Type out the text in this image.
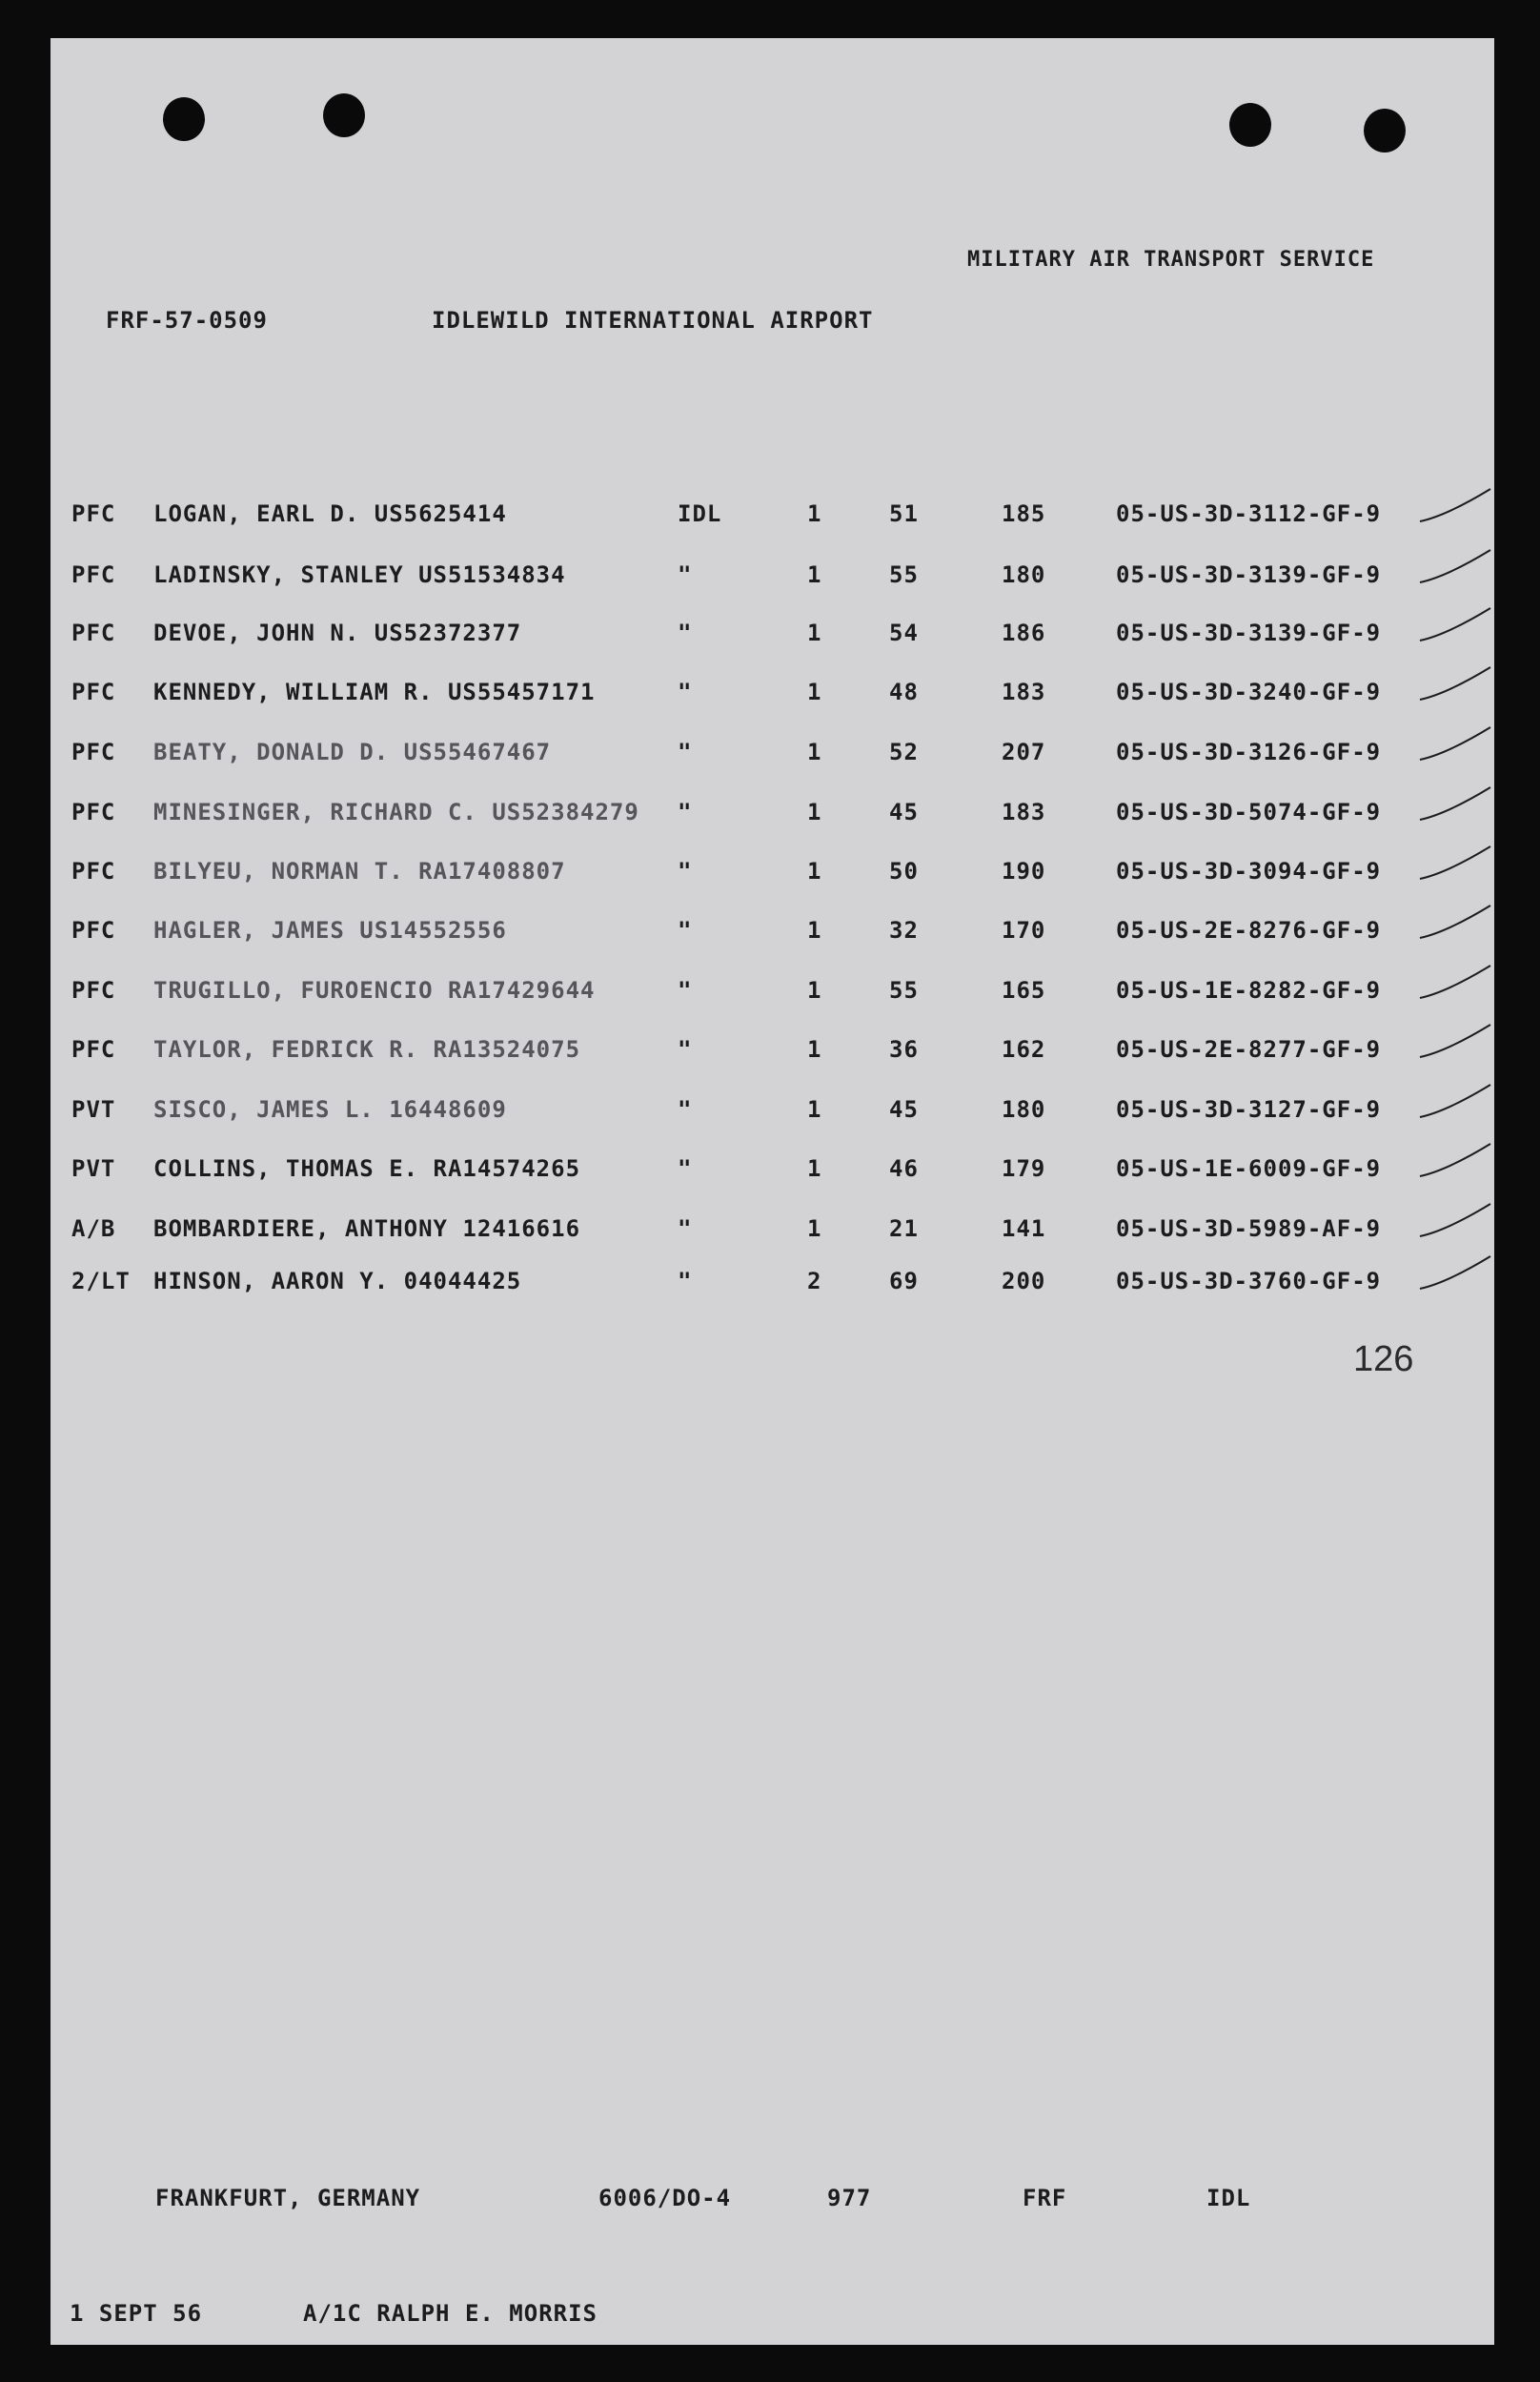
MILITARY AIR TRANSPORT SERVICE
FRF-57-0509	IDLEWILD INTERNATIONAL AIRPORT
PFC LOGAN, EARL D. US5625414	IDL	1	51	185	05-US-3D-3112-GF-9
PFC LADINSKY, STANLEY US51534834	"	1	55	180	05-US-3D-3139-GF-9
PFC DEVOE, JOHN N. US52372377	"	1	54	186	05-US-3D-3139-GF-9
PFC KENNEDY, WILLIAM R. US55457171	"	1	48	183	05-US-3D-3240-GF-9
PFC BEATY, DONALD D. US55467467	"	1	52	207	05-US-3D-3126-GF-9
PFC MINESINGER, RICHARD C. US52384279 "	1	45	183	05-US-3D-5074-GF-9
PFC BILYEU, NORMAN T. RA17408807	"	1	50	190	05-US-3D-3094-GF-9
PFC HAGLER, JAMES US14552556	"	1	32	170	05-US-2E-8276-GF-9
PFC TRUGILLO, FUROENCIO RA17429644	"	1	55	165	05-US-1E-8282-GF-9
PFC TAYLOR, FEDRICK R. RA13524075	"	1	36	162	05-US-2E-8277-GF-9
PVT SISCO, JAMES L. 16448609	"	1	45	180	05-US-3D-3127-GF-9
PVT COLLINS, THOMAS E. RA14574265	"	1	46	179	05-US-1E-6009-GF-9
A/B BOMBARDIERE, ANTHONY 12416616	"	1	21	141	05-US-3D-5989-AF-9
2/LT HINSON, AARON Y. 04044425	"	2	69	200	05-US-3D-3760-GF-9
126
FRANKFURT, GERMANY	6006/DO-4	977	FRF	IDL
1 SEPT 56	A/1C RALPH E. MORRIS
